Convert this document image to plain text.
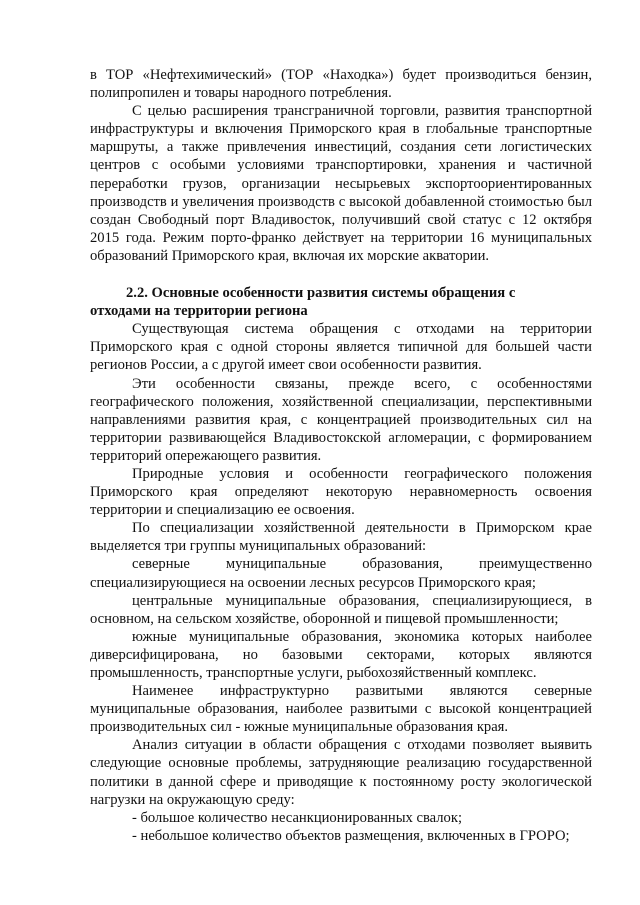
в ТОР «Нефтехимический» (ТОР «Находка») будет производиться бензин, полипропилен и товары народного потребления.

С целью расширения трансграничной торговли, развития транспортной инфраструктуры и включения Приморского края в глобальные транспортные маршруты, а также привлечения инвестиций, создания сети логистических центров с особыми условиями транспортировки, хранения и частичной переработки грузов, организации несырьевых экспортоориентированных производств и увеличения производств с высокой добавленной стоимостью был создан Свободный порт Владивосток, получивший свой статус с 12 октября 2015 года. Режим порто-франко действует на территории 16 муниципальных образований Приморского края, включая их морские акватории.

2.2. Основные особенности развития системы обращения с

отходами на территории региона

Существующая система обращения с отходами на территории Приморского края с одной стороны является типичной для большей части регионов России, а с другой имеет свои особенности развития.

Эти особенности связаны, прежде всего, с особенностями географического положения, хозяйственной специализации, перспективными направлениями развития края, с концентрацией производительных сил на территории развивающейся Владивостокской агломерации, с формированием территорий опережающего развития.

Природные условия и особенности географического положения Приморского края определяют некоторую неравномерность освоения территории и специализацию ее освоения.

По специализации хозяйственной деятельности в Приморском крае выделяется три группы муниципальных образований:

северные муниципальные образования, преимущественно специализирующиеся на освоении лесных ресурсов Приморского края;

центральные муниципальные образования, специализирующиеся, в основном, на сельском хозяйстве, оборонной и пищевой промышленности;

южные муниципальные образования, экономика которых наиболее диверсифицирована, но базовыми секторами, которых являются промышленность, транспортные услуги, рыбохозяйственный комплекс.

Наименее инфраструктурно развитыми являются северные муниципальные образования, наиболее развитыми с высокой концентрацией производительных сил - южные муниципальные образования края.

Анализ ситуации в области обращения с отходами позволяет выявить следующие основные проблемы, затрудняющие реализацию государственной политики в данной сфере и приводящие к постоянному росту экологической нагрузки на окружающую среду:

- большое количество несанкционированных свалок;

- небольшое количество объектов размещения, включенных в ГРОРО;
